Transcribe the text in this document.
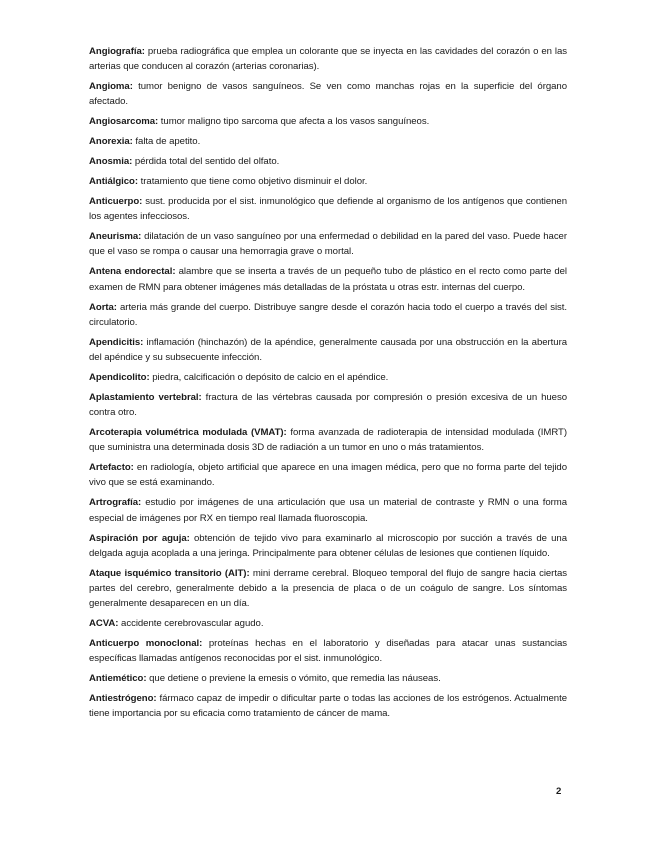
Angiografía: prueba radiográfica que emplea un colorante que se inyecta en las cavidades del corazón o en las arterias que conducen al corazón (arterias coronarias).

Angioma: tumor benigno de vasos sanguíneos. Se ven como manchas rojas en la superficie del órgano afectado.

Angiosarcoma: tumor maligno tipo sarcoma que afecta a los vasos sanguíneos.

Anorexia: falta de apetito.

Anosmia: pérdida total del sentido del olfato.

Antiálgico: tratamiento que tiene como objetivo disminuir el dolor.

Anticuerpo: sust. producida por el sist. inmunológico que defiende al organismo de los antígenos que contienen los agentes infecciosos.

Aneurisma: dilatación de un vaso sanguíneo por una enfermedad o debilidad en la pared del vaso. Puede hacer que el vaso se rompa o causar una hemorragia grave o mortal.

Antena endorectal: alambre que se inserta a través de un pequeño tubo de plástico en el recto como parte del examen de RMN para obtener imágenes más detalladas de la próstata u otras estr. internas del cuerpo.

Aorta: arteria más grande del cuerpo. Distribuye sangre desde el corazón hacia todo el cuerpo a través del sist. circulatorio.

Apendicitis: inflamación (hinchazón) de la apéndice, generalmente causada por una obstrucción en la abertura del apéndice y su subsecuente infección.

Apendicolito: piedra, calcificación o depósito de calcio en el apéndice.

Aplastamiento vertebral: fractura de las vértebras causada por compresión o presión excesiva de un hueso contra otro.

Arcoterapia volumétrica modulada (VMAT): forma avanzada de radioterapia de intensidad modulada (IMRT) que suministra una determinada dosis 3D de radiación a un tumor en uno o más tratamientos.

Artefacto: en radiología, objeto artificial que aparece en una imagen médica, pero que no forma parte del tejido vivo que se está examinando.

Artrografía: estudio por imágenes de una articulación que usa un material de contraste y RMN o una forma especial de imágenes por RX en tiempo real llamada fluoroscopia.

Aspiración por aguja: obtención de tejido vivo para examinarlo al microscopio por succión a través de una delgada aguja acoplada a una jeringa. Principalmente para obtener células de lesiones que contienen líquido.

Ataque isquémico transitorio (AIT): mini derrame cerebral. Bloqueo temporal del flujo de sangre hacia ciertas partes del cerebro, generalmente debido a la presencia de placa o de un coágulo de sangre. Los síntomas generalmente desaparecen en un día.

ACVA: accidente cerebrovascular agudo.

Anticuerpo monoclonal: proteínas hechas en el laboratorio y diseñadas para atacar unas sustancias específicas llamadas antígenos reconocidas por el sist. inmunológico.

Antiemético: que detiene o previene la emesis o vómito, que remedia las náuseas.

Antiestrógeno: fármaco capaz de impedir o dificultar parte o todas las acciones de los estrógenos. Actualmente tiene importancia por su eficacia como tratamiento de cáncer de mama.

2
